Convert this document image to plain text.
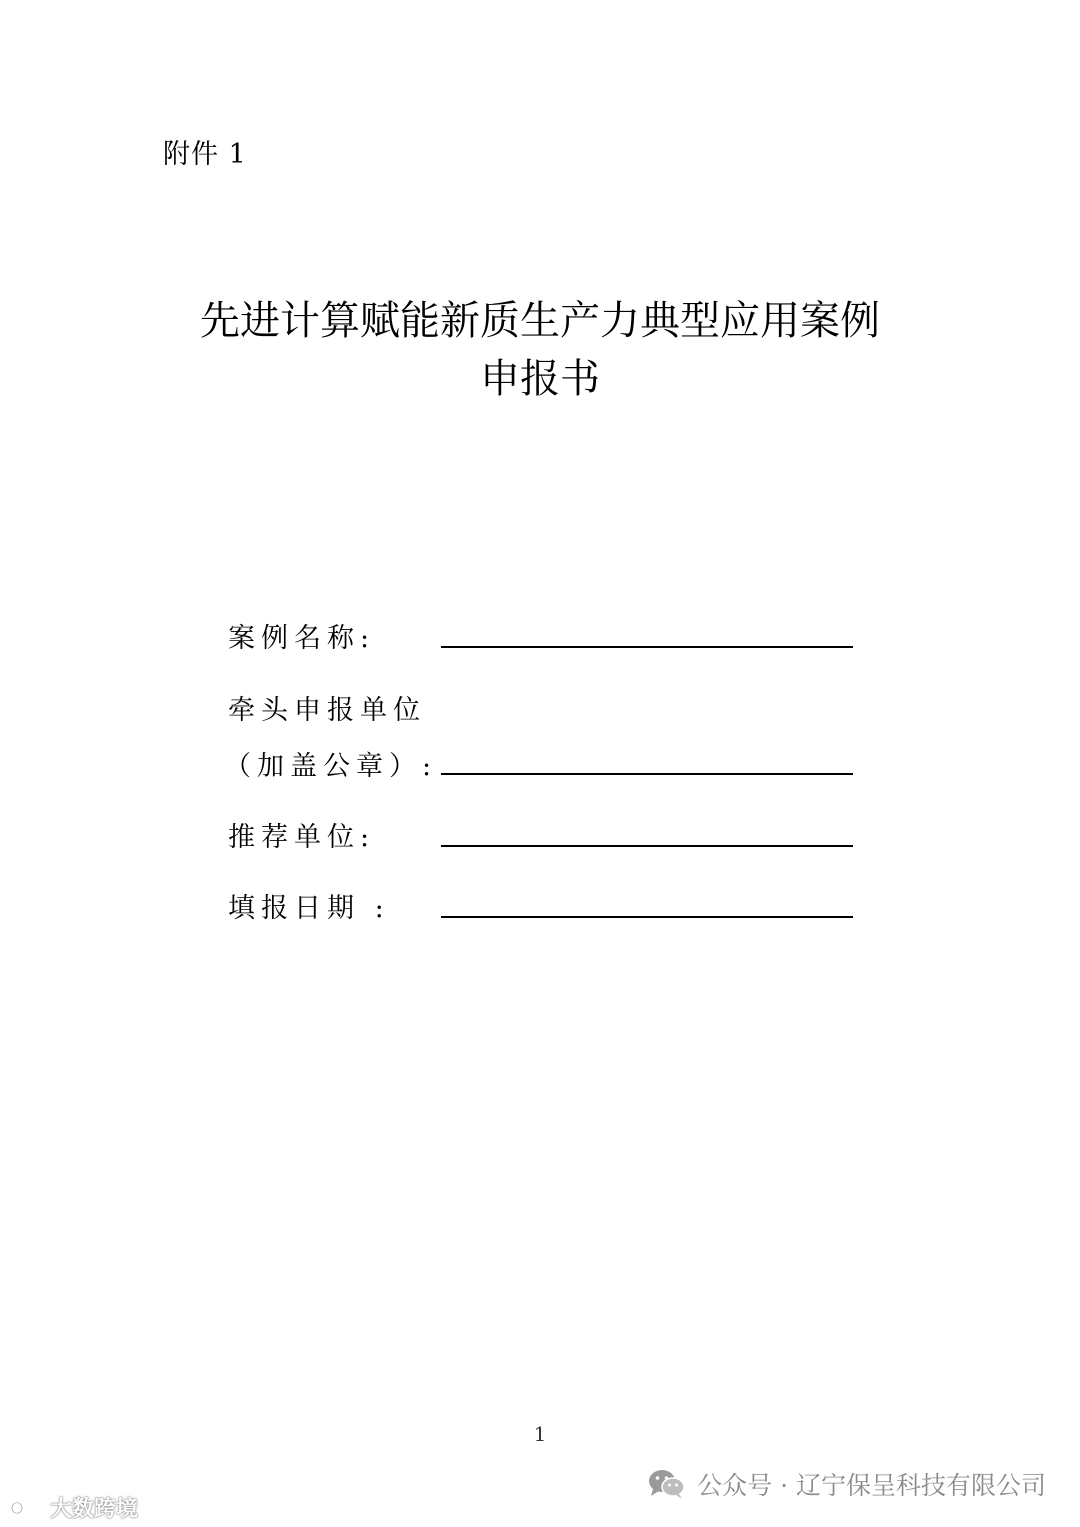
附件 1
先进计算赋能新质生产力典型应用案例
申报书
案例名称:
牵头申报单位
（加盖公章）:
推荐单位:
填报日期 :
1
公众号 · 辽宁保呈科技有限公司
大数跨境
